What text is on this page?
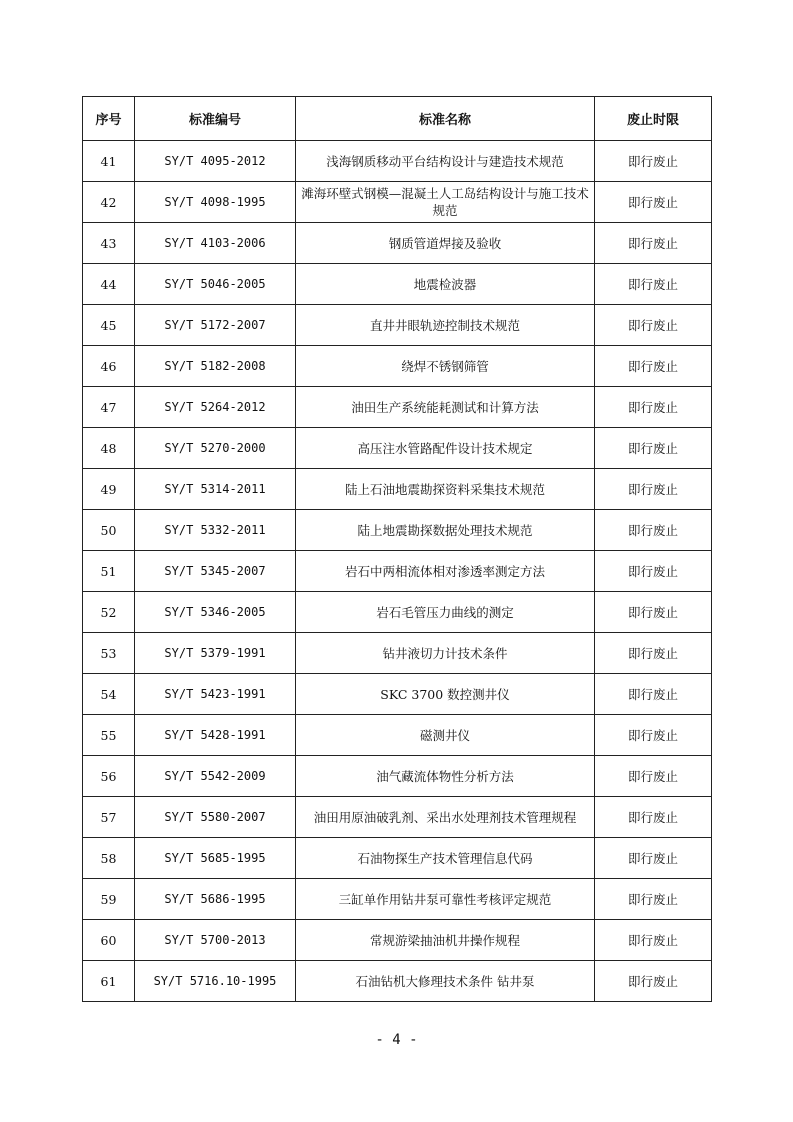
序号	标准编号	标准名称	废止时限
41	SY/T 4095-2012	浅海钢质移动平台结构设计与建造技术规范	即行废止
42	SY/T 4098-1995	滩海环壁式钢模—混凝土人工岛结构设计与施工技术规范	即行废止
43	SY/T 4103-2006	钢质管道焊接及验收	即行废止
44	SY/T 5046-2005	地震检波器	即行废止
45	SY/T 5172-2007	直井井眼轨迹控制技术规范	即行废止
46	SY/T 5182-2008	绕焊不锈钢筛管	即行废止
47	SY/T 5264-2012	油田生产系统能耗测试和计算方法	即行废止
48	SY/T 5270-2000	高压注水管路配件设计技术规定	即行废止
49	SY/T 5314-2011	陆上石油地震勘探资料采集技术规范	即行废止
50	SY/T 5332-2011	陆上地震勘探数据处理技术规范	即行废止
51	SY/T 5345-2007	岩石中两相流体相对渗透率测定方法	即行废止
52	SY/T 5346-2005	岩石毛管压力曲线的测定	即行废止
53	SY/T 5379-1991	钻井液切力计技术条件	即行废止
54	SY/T 5423-1991	SKC 3700 数控测井仪	即行废止
55	SY/T 5428-1991	磁测井仪	即行废止
56	SY/T 5542-2009	油气藏流体物性分析方法	即行废止
57	SY/T 5580-2007	油田用原油破乳剂、采出水处理剂技术管理规程	即行废止
58	SY/T 5685-1995	石油物探生产技术管理信息代码	即行废止
59	SY/T 5686-1995	三缸单作用钻井泵可靠性考核评定规范	即行废止
60	SY/T 5700-2013	常规游梁抽油机井操作规程	即行废止
61	SY/T 5716.10-1995	石油钻机大修理技术条件 钻井泵	即行废止
- 4 -
